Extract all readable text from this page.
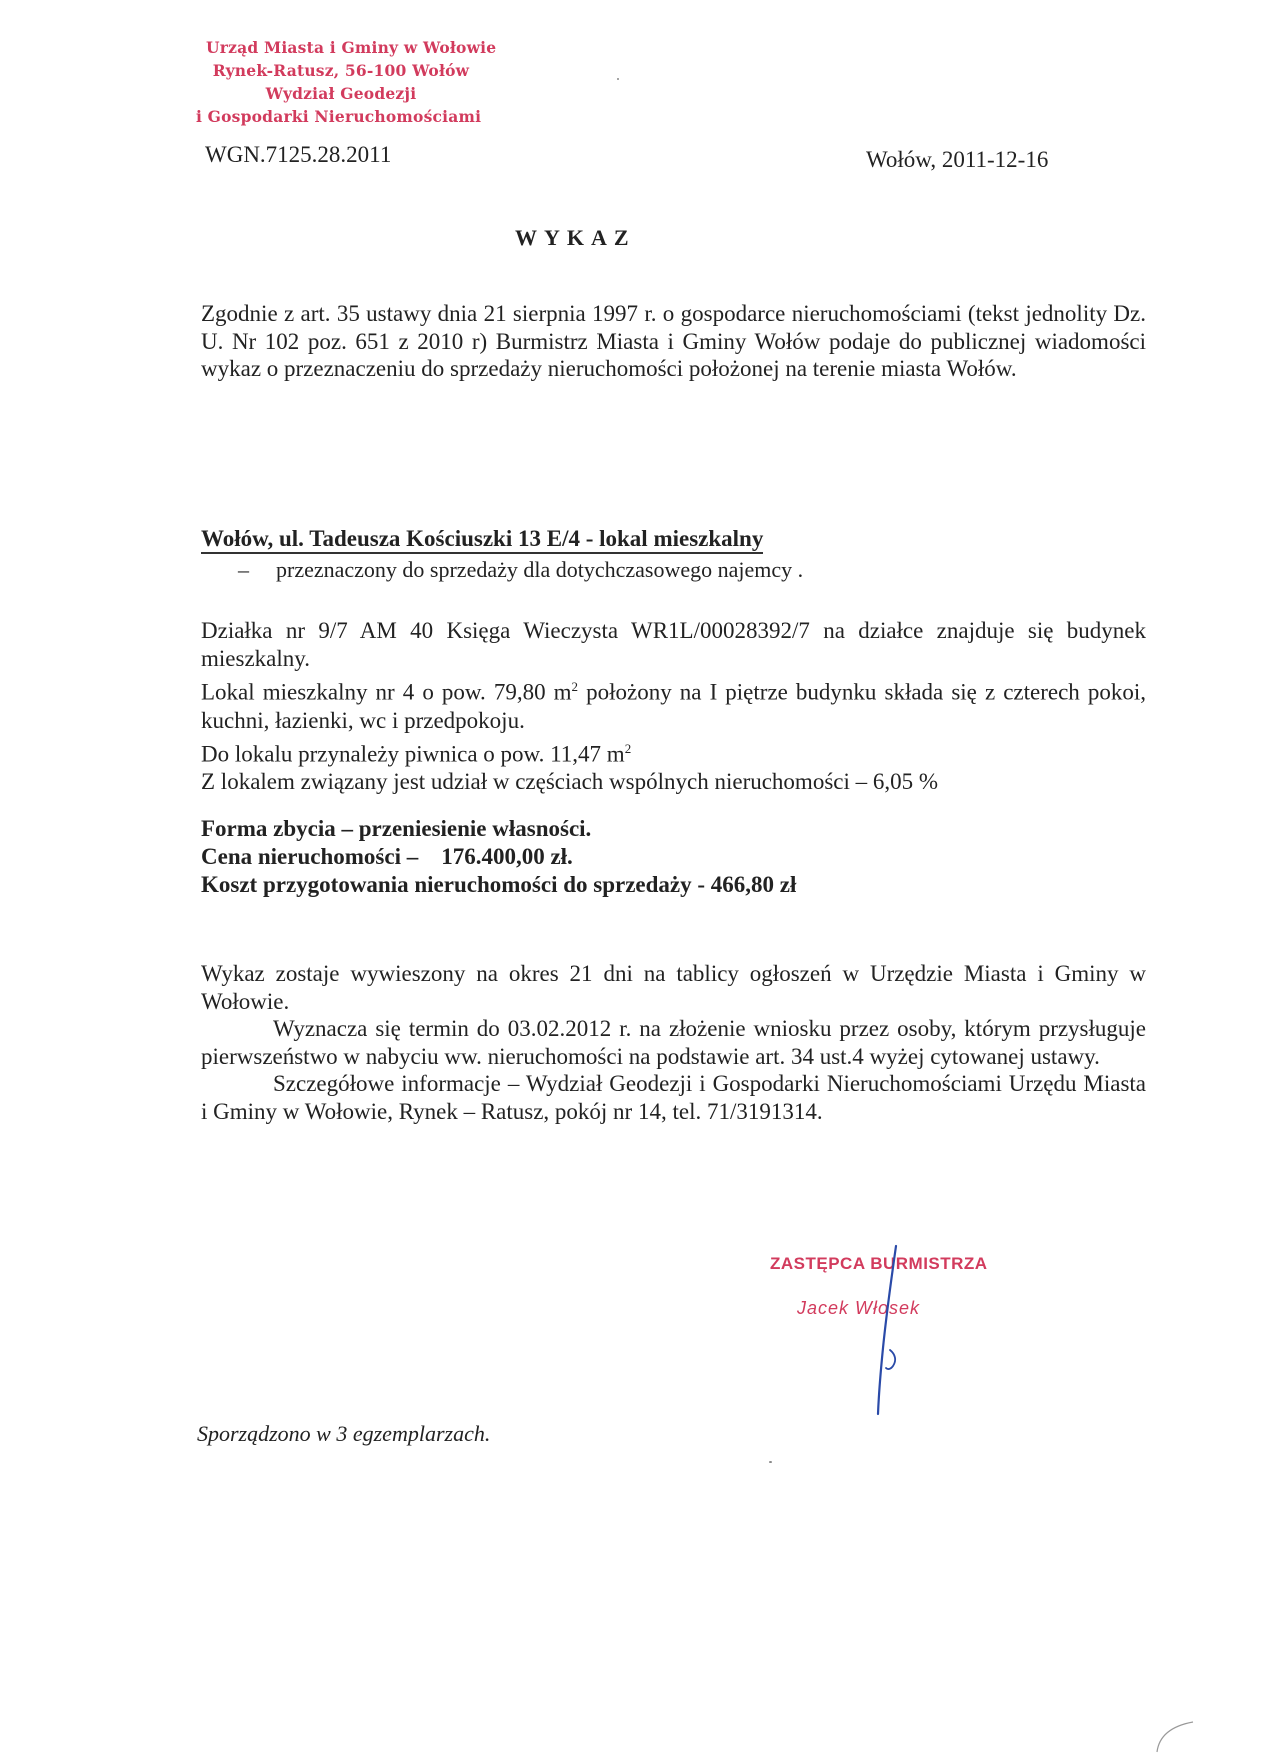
Urząd Miasta i Gminy w Wołowie
Rynek-Ratusz, 56-100 Wołów
Wydział Geodezji
i Gospodarki Nieruchomościami
WGN.7125.28.2011	Wołów, 2011-12-16
WYKAZ
Zgodnie z art. 35 ustawy dnia 21 sierpnia 1997 r. o gospodarce nieruchomościami (tekst jednolity Dz. U. Nr 102 poz. 651 z 2010 r) Burmistrz Miasta i Gminy Wołów podaje do publicznej wiadomości wykaz o przeznaczeniu do sprzedaży nieruchomości położonej na terenie miasta Wołów.
Wołów, ul. Tadeusza Kościuszki 13 E/4 - lokal mieszkalny
– przeznaczony do sprzedaży dla dotychczasowego najemcy .
Działka nr 9/7 AM 40 Księga Wieczysta WR1L/00028392/7 na działce znajduje się budynek mieszkalny.
Lokal mieszkalny nr 4 o pow. 79,80 $m^2$ położony na I piętrze budynku składa się z czterech pokoi, kuchni, łazienki, wc i przedpokoju.
Do lokalu przynależy piwnica o pow. 11,47 $m^2$
Z lokalem związany jest udział w częściach wspólnych nieruchomości – 6,05 %
Forma zbycia – przeniesienie własności.
Cena nieruchomości –    176.400,00 zł.
Koszt przygotowania nieruchomości do sprzedaży - 466,80 zł
Wykaz zostaje wywieszony na okres 21 dni na tablicy ogłoszeń w Urzędzie Miasta i Gminy w Wołowie.
Wyznacza się termin do 03.02.2012 r. na złożenie wniosku przez osoby, którym przysługuje pierwszeństwo w nabyciu ww. nieruchomości na podstawie art. 34 ust.4 wyżej cytowanej ustawy.
Szczegółowe informacje – Wydział Geodezji i Gospodarki Nieruchomościami Urzędu Miasta i Gminy w Wołowie, Rynek – Ratusz, pokój nr 14, tel. 71/3191314.
ZASTĘPCA BURMISTRZA
Jacek Włosek
Sporządzono w 3 egzemplarzach.
